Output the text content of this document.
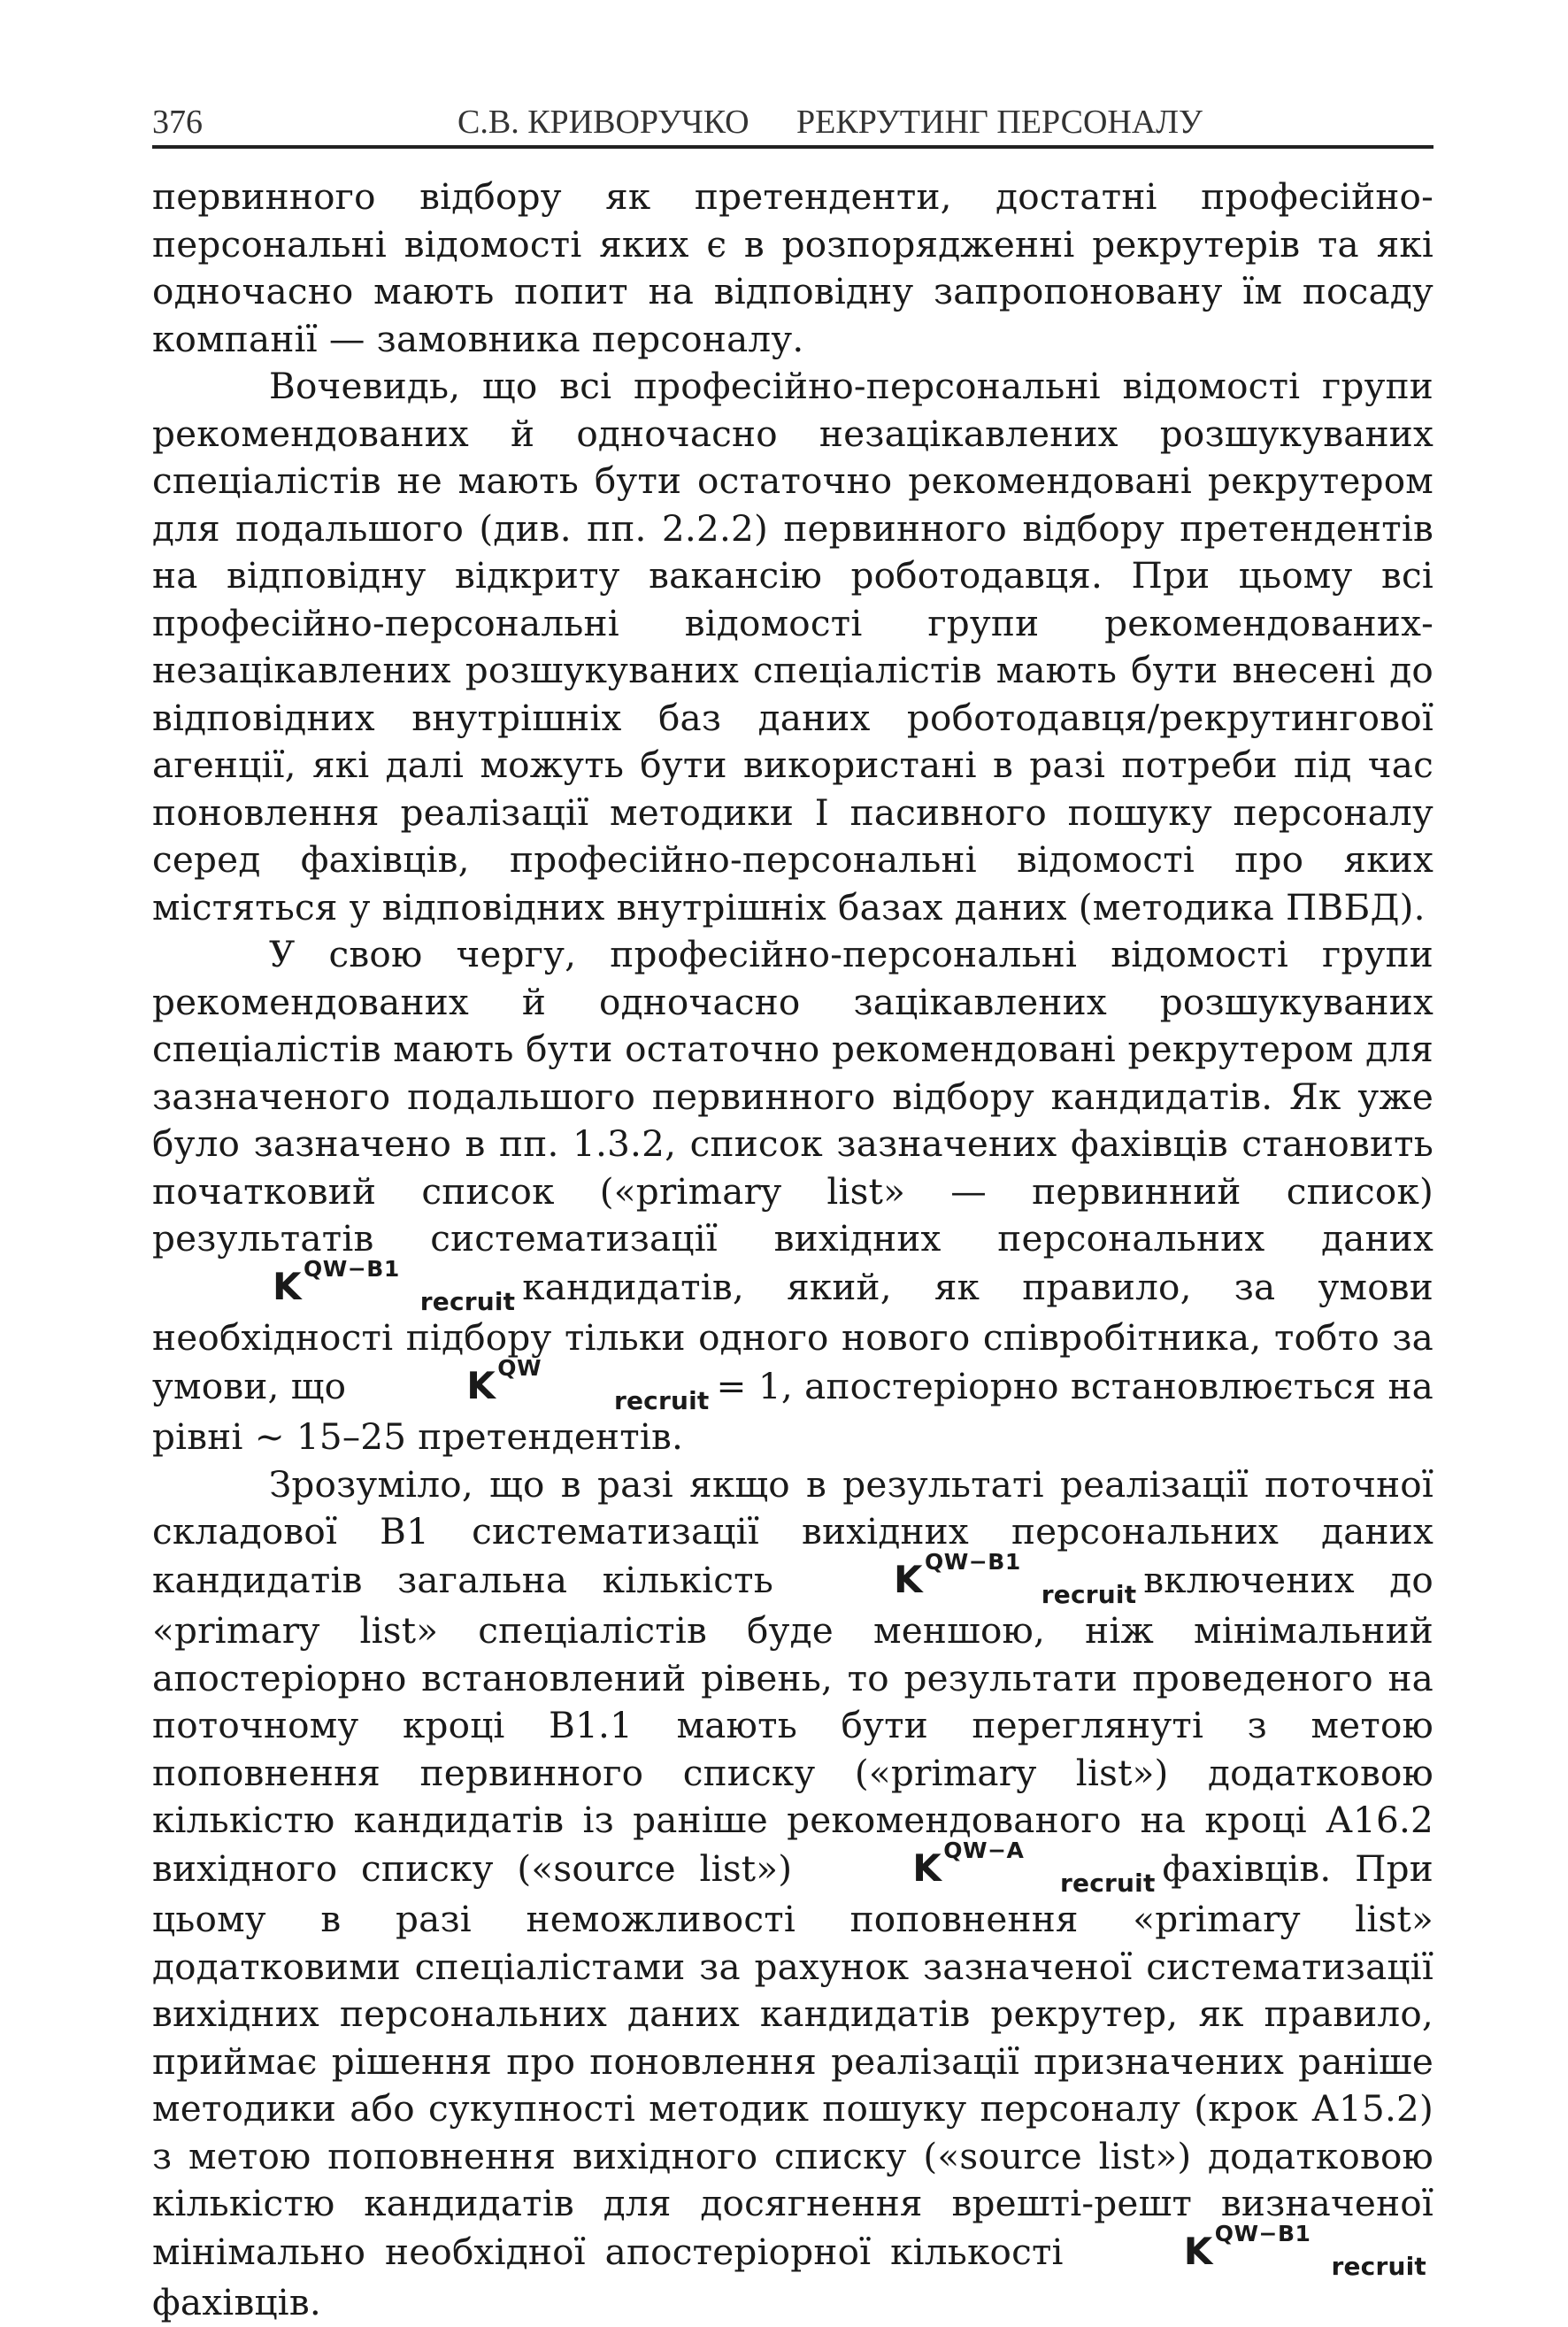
376	С.В. КРИВОРУЧКО РЕКРУТИНГ ПЕРСОНАЛУ

первинного відбору як претенденти, достатні професійно-персональні відомості яких є в розпорядженні рекрутерів та які одночасно мають попит на відповідну запропоновану їм посаду компанії — замовника персоналу.

Вочевидь, що всі професійно-персональні відомості групи рекомендованих й одночасно незацікавлених розшукуваних спеціалістів не мають бути остаточно рекомендовані рекрутером для подальшого (див. пп. 2.2.2) первинного відбору претендентів на відповідну відкриту вакансію роботодавця. При цьому всі професійно-персональні відомості групи рекомендованих-незацікавлених розшукуваних спеціалістів мають бути внесені до відповідних внутрішніх баз даних роботодавця/рекрутингової агенції, які далі можуть бути використані в разі потреби під час поновлення реалізації методики І пасивного пошуку персоналу серед фахівців, професійно-персональні відомості про яких містяться у відповідних внутрішніх базах даних (методика ПВБД).

У свою чергу, професійно-персональні відомості групи рекомендованих й одночасно зацікавлених розшукуваних спеціалістів мають бути остаточно рекомендовані рекрутером для зазначеного подальшого первинного відбору кандидатів. Як уже було зазначено в пп. 1.3.2, список зазначених фахівців становить початковий список («primary list» — первинний список) результатів систематизації вихідних персональних данихK QW−B1
recruit кандидатів, який, як правило, за умови необхідності підбору тільки одного нового співробітника, тобто за умови, що	K QW
recruit = 1, апостеріорно встановлюється на рівні ~ 15–25 претендентів.

Зрозуміло, що в разі якщо в результаті реалізації поточної складової В1 систематизації вихідних персональних даних кандидатів загальна кількість	K QW−B1
recruit включених до «primary list» спеціалістів буде меншою, ніж мінімальний апостеріорно встановлений рівень, то результати проведеного на поточному кроці В1.1 мають бути переглянуті з метою поповнення первинного списку («primary list») додатковою кількістю кандидатів із раніше рекомендованого на кроці А16.2 вихідного списку («source list»)	K QW−A
recruit фахівців. При цьому в разі неможливості поповнення «primary list» додатковими спеціалістами за рахунок зазначеної систематизації вихідних персональних даних кандидатів рекрутер, як правило, приймає рішення про поновлення реалізації призначених раніше методики або сукупності методик пошуку персоналу (крок А15.2) з метою поповнення вихідного списку («source list») додатковою кількістю кандидатів для досягнення врешті-решт визначеної мінімально необхідної апостеріорної кількості	K QW−B1
recruitфахівців.
